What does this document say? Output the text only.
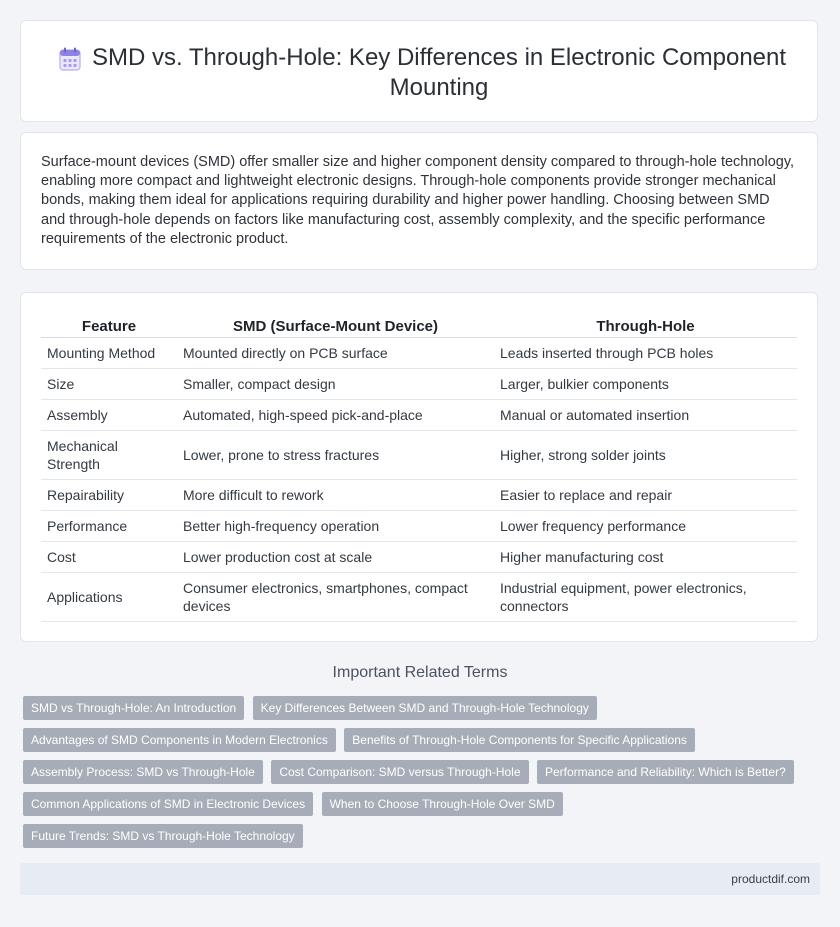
SMD vs. Through-Hole: Key Differences in Electronic Component Mounting

Surface-mount devices (SMD) offer smaller size and higher component density compared to through-hole technology, enabling more compact and lightweight electronic designs. Through-hole components provide stronger mechanical bonds, making them ideal for applications requiring durability and higher power handling. Choosing between SMD and through-hole depends on factors like manufacturing cost, assembly complexity, and the specific performance requirements of the electronic product.

Feature	SMD (Surface-Mount Device)	Through-Hole
Mounting Method	Mounted directly on PCB surface	Leads inserted through PCB holes
Size	Smaller, compact design	Larger, bulkier components
Assembly	Automated, high-speed pick-and-place	Manual or automated insertion
Mechanical Strength	Lower, prone to stress fractures	Higher, strong solder joints
Repairability	More difficult to rework	Easier to replace and repair
Performance	Better high-frequency operation	Lower frequency performance
Cost	Lower production cost at scale	Higher manufacturing cost
Applications	Consumer electronics, smartphones, compact devices	Industrial equipment, power electronics, connectors
Important Related Terms
SMD vs Through-Hole: An Introduction Key Differences Between SMD and Through-Hole Technology Advantages of SMD Components in Modern Electronics Benefits of Through-Hole Components for Specific Applications Assembly Process: SMD vs Through-Hole Cost Comparison: SMD versus Through-Hole Performance and Reliability: Which is Better? Common Applications of SMD in Electronic Devices When to Choose Through-Hole Over SMD Future Trends: SMD vs Through-Hole Technology
productdif.com
